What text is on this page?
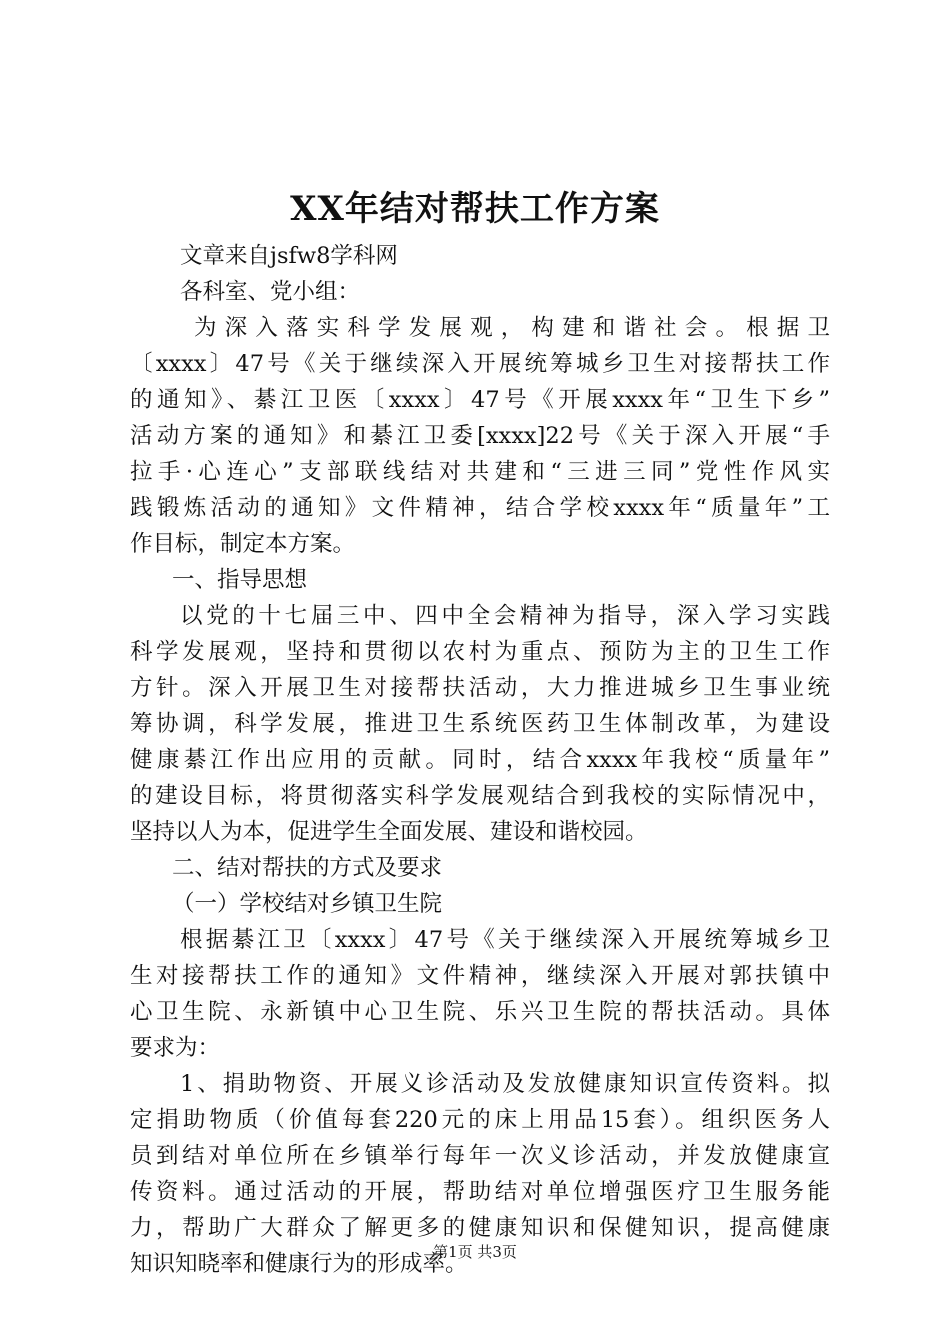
XX年结对帮扶工作方案
文章来自jsfw8学科网
各科室、党小组：
为深入落实科学发展观，构建和谐社会。根据卫
〔xxxx〕47号《关于继续深入开展统筹城乡卫生对接帮扶工作
的通知》、綦江卫医〔xxxx〕47号《开展xxxx年“卫生下乡”
活动方案的通知》和綦江卫委[xxxx]22号《关于深入开展“手
拉手·心连心”支部联线结对共建和“三进三同”党性作风实
践锻炼活动的通知》文件精神，结合学校xxxx年“质量年”工
作目标，制定本方案。
一、指导思想
以党的十七届三中、四中全会精神为指导，深入学习实践
科学发展观，坚持和贯彻以农村为重点、预防为主的卫生工作
方针。深入开展卫生对接帮扶活动，大力推进城乡卫生事业统
筹协调，科学发展，推进卫生系统医药卫生体制改革，为建设
健康綦江作出应用的贡献。同时，结合xxxx年我校“质量年”
的建设目标，将贯彻落实科学发展观结合到我校的实际情况中，
坚持以人为本，促进学生全面发展、建设和谐校园。
二、结对帮扶的方式及要求
（一）学校结对乡镇卫生院
根据綦江卫〔xxxx〕47号《关于继续深入开展统筹城乡卫
生对接帮扶工作的通知》文件精神，继续深入开展对郭扶镇中
心卫生院、永新镇中心卫生院、乐兴卫生院的帮扶活动。具体
要求为：
1、捐助物资、开展义诊活动及发放健康知识宣传资料。拟
定捐助物质（价值每套220元的床上用品15套）。组织医务人
员到结对单位所在乡镇举行每年一次义诊活动，并发放健康宣
传资料。通过活动的开展，帮助结对单位增强医疗卫生服务能
力，帮助广大群众了解更多的健康知识和保健知识，提高健康
知识知晓率和健康行为的形成率。
第1页 共3页
